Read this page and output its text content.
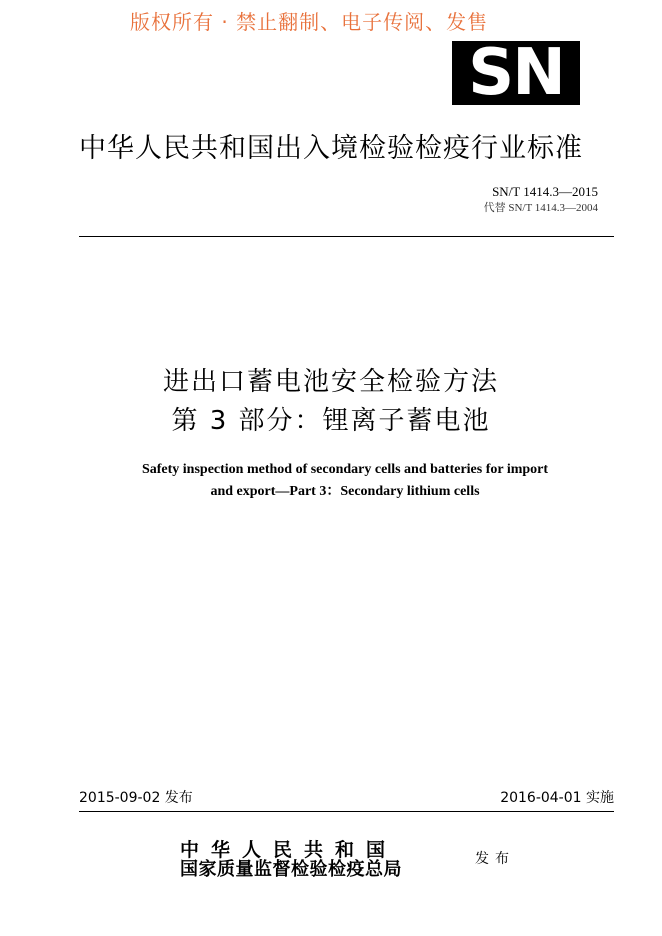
版权所有 · 禁止翻制、电子传阅、发售
SN
中华人民共和国出入境检验检疫行业标准
SN/T 1414.3—2015
代替 SN/T 1414.3—2004
进出口蓄电池安全检验方法
第 3 部分：锂离子蓄电池
Safety inspection method of secondary cells and batteries for import
and export—Part 3：Secondary lithium cells
2015-09-02 发布	2016-04-01 实施
中华人民共和国
国家质量监督检验检疫总局	发布
